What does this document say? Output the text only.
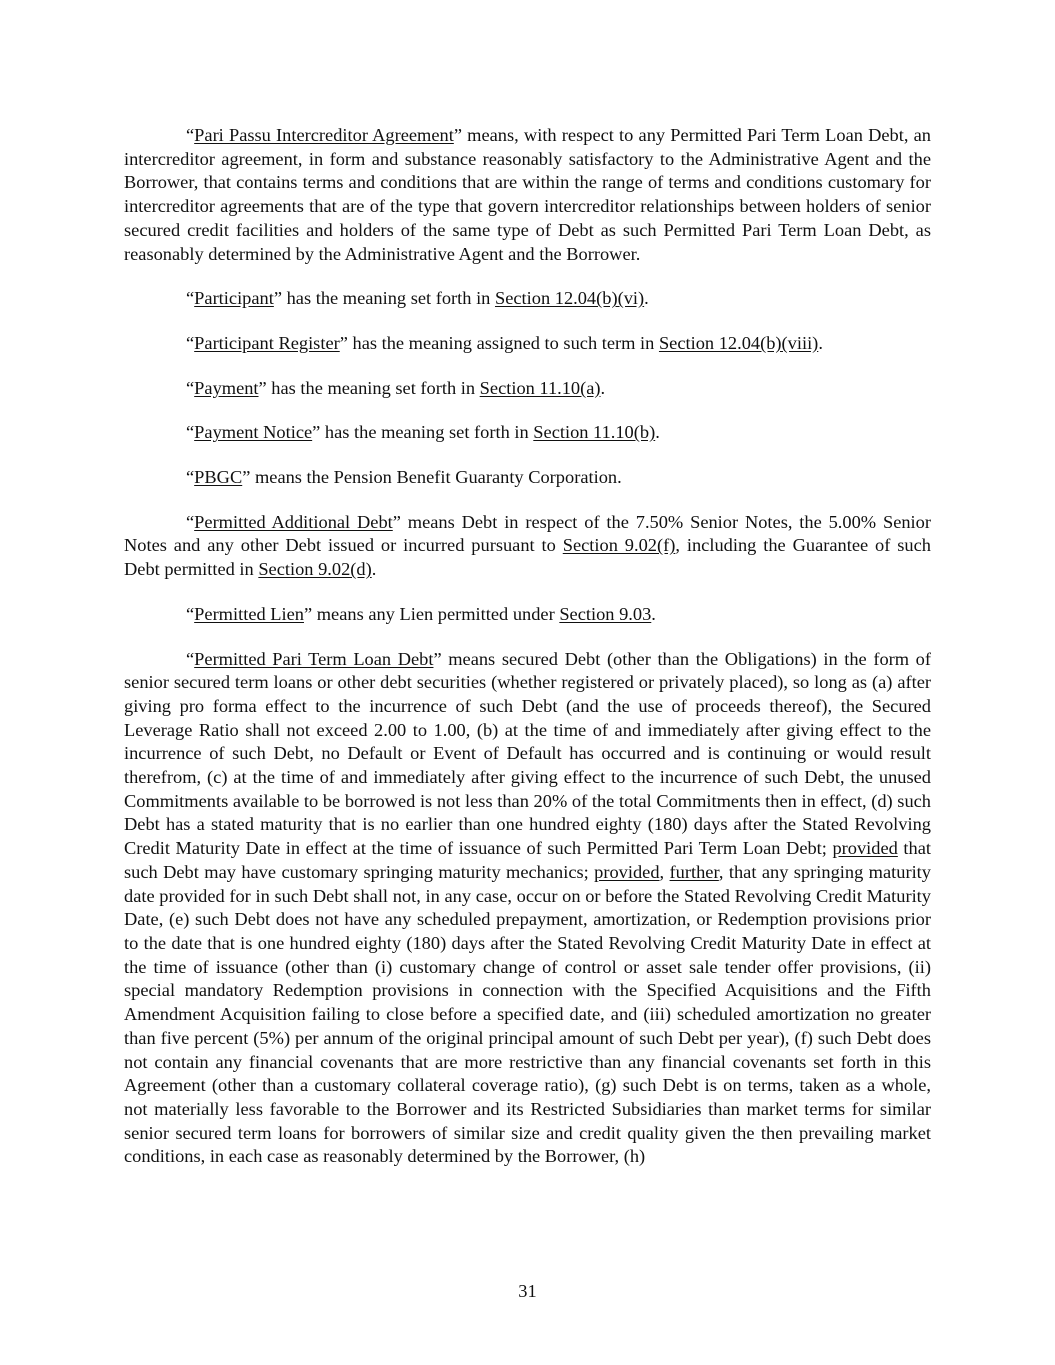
“Pari Passu Intercreditor Agreement” means, with respect to any Permitted Pari Term Loan Debt, an intercreditor agreement, in form and substance reasonably satisfactory to the Administrative Agent and the Borrower, that contains terms and conditions that are within the range of terms and conditions customary for intercreditor agreements that are of the type that govern intercreditor relationships between holders of senior secured credit facilities and holders of the same type of Debt as such Permitted Pari Term Loan Debt, as reasonably determined by the Administrative Agent and the Borrower.

“Participant” has the meaning set forth in Section 12.04(b)(vi).

“Participant Register” has the meaning assigned to such term in Section 12.04(b)(viii).

“Payment” has the meaning set forth in Section 11.10(a).

“Payment Notice” has the meaning set forth in Section 11.10(b).

“PBGC” means the Pension Benefit Guaranty Corporation.

“Permitted Additional Debt” means Debt in respect of the 7.50% Senior Notes, the 5.00% Senior Notes and any other Debt issued or incurred pursuant to Section 9.02(f), including the Guarantee of such Debt permitted in Section 9.02(d).

“Permitted Lien” means any Lien permitted under Section 9.03.

“Permitted Pari Term Loan Debt” means secured Debt (other than the Obligations) in the form of senior secured term loans or other debt securities (whether registered or privately placed), so long as (a) after giving pro forma effect to the incurrence of such Debt (and the use of proceeds thereof), the Secured Leverage Ratio shall not exceed 2.00 to 1.00, (b) at the time of and immediately after giving effect to the incurrence of such Debt, no Default or Event of Default has occurred and is continuing or would result therefrom, (c) at the time of and immediately after giving effect to the incurrence of such Debt, the unused Commitments available to be borrowed is not less than 20% of the total Commitments then in effect, (d) such Debt has a stated maturity that is no earlier than one hundred eighty (180) days after the Stated Revolving Credit Maturity Date in effect at the time of issuance of such Permitted Pari Term Loan Debt; provided that such Debt may have customary springing maturity mechanics; provided, further, that any springing maturity date provided for in such Debt shall not, in any case, occur on or before the Stated Revolving Credit Maturity Date, (e) such Debt does not have any scheduled prepayment, amortization, or Redemption provisions prior to the date that is one hundred eighty (180) days after the Stated Revolving Credit Maturity Date in effect at the time of issuance (other than (i) customary change of control or asset sale tender offer provisions, (ii) special mandatory Redemption provisions in connection with the Specified Acquisitions and the Fifth Amendment Acquisition failing to close before a specified date, and (iii) scheduled amortization no greater than five percent (5%) per annum of the original principal amount of such Debt per year), (f) such Debt does not contain any financial covenants that are more restrictive than any financial covenants set forth in this Agreement (other than a customary collateral coverage ratio), (g) such Debt is on terms, taken as a whole, not materially less favorable to the Borrower and its Restricted Subsidiaries than market terms for similar senior secured term loans for borrowers of similar size and credit quality given the then prevailing market conditions, in each case as reasonably determined by the Borrower, (h)

31
